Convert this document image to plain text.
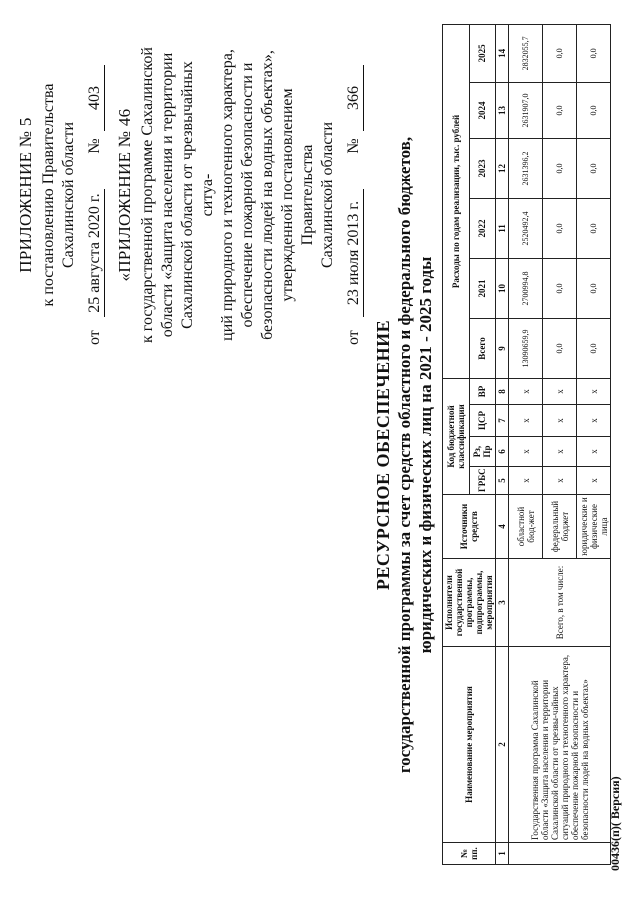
ПРИЛОЖЕНИЕ № 5 к постановлению Правительства Сахалинской области
от
25 августа 2020 г.
№
403
«ПРИЛОЖЕНИЕ № 46 к государственной программе Сахалинской области «Защита населения и территории Сахалинской области от чрезвычайных ситуа- ций природного и техногенного характера, обеспечение пожарной безопасности и безопасности людей на водных объектах», утвержденной постановлением Правительства Сахалинской области
от
23 июля 2013 г.
№
366
РЕСУРСНОЕ ОБЕСПЕЧЕНИЕ государственной программы за счет средств областного и федерального бюджетов, юридических и физических лиц на 2021 - 2025 годы
№ пп.	Наименование мероприятия	Исполнители государственной программы, подпрограммы, мероприятия	Источники средств	Код бюджетной классификации				Расходы по годам реализации, тыс. рублей					
				ГРБС	Рз, Пр	ЦСР	ВР	Всего	2021	2022	2023	2024	2025
1	2	3	4	5	6	7	8	9	10	11	12	13	14
	Государственная программа Сахалинской области «Защита населения и территории Сахалинской области от чрезвы-чайных ситуаций природного и техногенного характера, обеспечение пожарной безопасности и безопасности людей на водных объектах»	Всего, в том числе:	областной бюд-жет	х	х	х	х	13090659,9	2700994,8	2520492,4	2631396,2	2631907,0	2832055,7
			федеральный бюджет	х	х	х	х	0,0	0,0	0,0	0,0	0,0	0,0
			юридические и физические лица	х	х	х	х	0,0	0,0	0,0	0,0	0,0	0,0
00436(п)( Версия)
